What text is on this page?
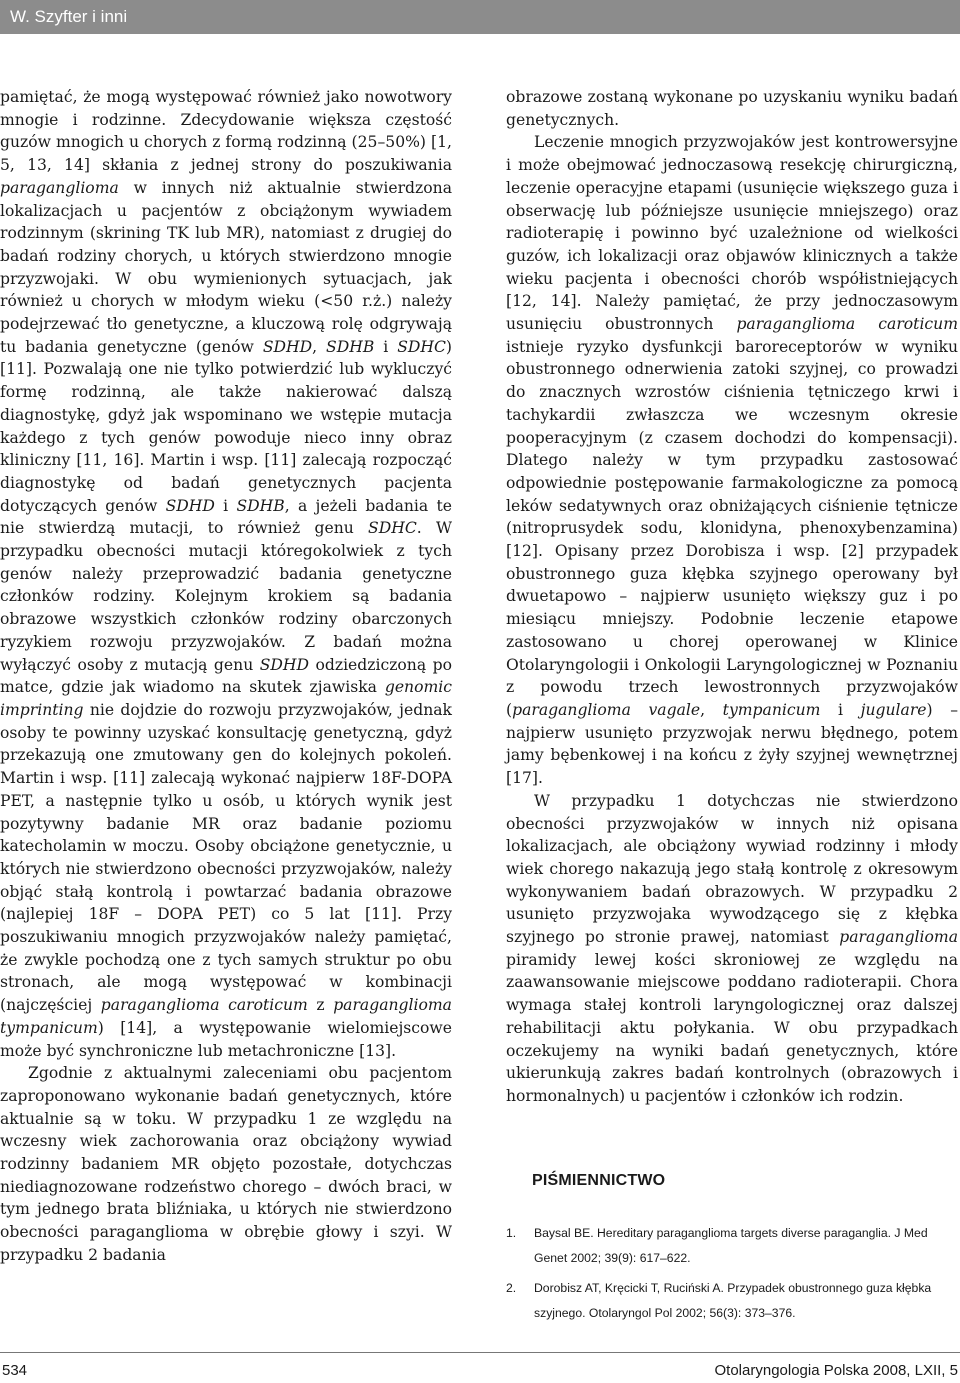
W. Szyfter i inni

pamiętać, że mogą występować również jako nowotwory mnogie i rodzinne. Zdecydowanie większa częstość guzów mnogich u chorych z formą rodzinną (25–50%) [1, 5, 13, 14] skłania z jednej strony do poszukiwania paraganglioma w innych niż aktualnie stwierdzona lokalizacjach u pacjentów z obciążonym wywiadem rodzinnym (skrining TK lub MR), natomiast z drugiej do badań rodziny chorych, u których stwierdzono mnogie przyzwojaki. W obu wymienionych sytuacjach, jak również u chorych w młodym wieku (<50 r.ż.) należy podejrzewać tło genetyczne, a kluczową rolę odgrywają tu badania genetyczne (genów SDHD, SDHB i SDHC) [11]. Pozwalają one nie tylko potwierdzić lub wykluczyć formę rodzinną, ale także nakierować dalszą diagnostykę, gdyż jak wspominano we wstępie mutacja każdego z tych genów powoduje nieco inny obraz kliniczny [11, 16]. Martin i wsp. [11] zalecają rozpocząć diagnostykę od badań genetycznych pacjenta dotyczących genów SDHD i SDHB, a jeżeli badania te nie stwierdzą mutacji, to również genu SDHC. W przypadku obecności mutacji któregokolwiek z tych genów należy przeprowadzić badania genetyczne członków rodziny. Kolejnym krokiem są badania obrazowe wszystkich członków rodziny obarczonych ryzykiem rozwoju przyzwojaków. Z badań można wyłączyć osoby z mutacją genu SDHD odziedziczoną po matce, gdzie jak wiadomo na skutek zjawiska genomic imprinting nie dojdzie do rozwoju przyzwojaków, jednak osoby te powinny uzyskać konsultację genetyczną, gdyż przekazują one zmutowany gen do kolejnych pokoleń. Martin i wsp. [11] zalecają wykonać najpierw 18F-DOPA PET, a następnie tylko u osób, u których wynik jest pozytywny badanie MR oraz badanie poziomu katecholamin w moczu. Osoby obciążone genetycznie, u których nie stwierdzono obecności przyzwojaków, należy objąć stałą kontrolą i powtarzać badania obrazowe (najlepiej 18F – DOPA PET) co 5 lat [11]. Przy poszukiwaniu mnogich przyzwojaków należy pamiętać, że zwykle pochodzą one z tych samych struktur po obu stronach, ale mogą występować w kombinacji (najczęściej paraganglioma caroticum z paraganglioma tympanicum) [14], a występowanie wielomiejscowe może być synchroniczne lub metachroniczne [13].

Zgodnie z aktualnymi zaleceniami obu pacjentom zaproponowano wykonanie badań genetycznych, które aktualnie są w toku. W przypadku 1 ze względu na wczesny wiek zachorowania oraz obciążony wywiad rodzinny badaniem MR objęto pozostałe, dotychczas niediagnozowane rodzeństwo chorego – dwóch braci, w tym jednego brata bliźniaka, u których nie stwierdzono obecności paraganglioma w obrębie głowy i szyi. W przypadku 2 badania

obrazowe zostaną wykonane po uzyskaniu wyniku badań genetycznych.

Leczenie mnogich przyzwojaków jest kontrowersyjne i może obejmować jednoczasową resekcję chirurgiczną, leczenie operacyjne etapami (usunięcie większego guza i obserwację lub późniejsze usunięcie mniejszego) oraz radioterapię i powinno być uzależnione od wielkości guzów, ich lokalizacji oraz objawów klinicznych a także wieku pacjenta i obecności chorób współistniejących [12, 14]. Należy pamiętać, że przy jednoczasowym usunięciu obustronnych paraganglioma caroticum istnieje ryzyko dysfunkcji baroreceptorów w wyniku obustronnego odnerwienia zatoki szyjnej, co prowadzi do znacznych wzrostów ciśnienia tętniczego krwi i tachykardii zwłaszcza we wczesnym okresie pooperacyjnym (z czasem dochodzi do kompensacji). Dlatego należy w tym przypadku zastosować odpowiednie postępowanie farmakologiczne za pomocą leków sedatywnych oraz obniżających ciśnienie tętnicze (nitroprusydek sodu, klonidyna, phenoxybenzamina) [12]. Opisany przez Dorobisza i wsp. [2] przypadek obustronnego guza kłębka szyjnego operowany był dwuetapowo – najpierw usunięto większy guz i po miesiącu mniejszy. Podobnie leczenie etapowe zastosowano u chorej operowanej w Klinice Otolaryngologii i Onkologii Laryngologicznej w Poznaniu z powodu trzech lewostronnych przyzwojaków (paraganglioma vagale, tympanicum i jugulare) – najpierw usunięto przyzwojak nerwu błędnego, potem jamy bębenkowej i na końcu z żyły szyjnej wewnętrznej [17].

W przypadku 1 dotychczas nie stwierdzono obecności przyzwojaków w innych niż opisana lokalizacjach, ale obciążony wywiad rodzinny i młody wiek chorego nakazują jego stałą kontrolę z okresowym wykonywaniem badań obrazowych. W przypadku 2 usunięto przyzwojaka wywodzącego się z kłębka szyjnego po stronie prawej, natomiast paraganglioma piramidy lewej kości skroniowej ze względu na zaawansowanie miejscowe poddano radioterapii. Chora wymaga stałej kontroli laryngologicznej oraz dalszej rehabilitacji aktu połykania. W obu przypadkach oczekujemy na wyniki badań genetycznych, które ukierunkują zakres badań kontrolnych (obrazowych i hormonalnych) u pacjentów i członków ich rodzin.

PIŚMIENNICTWO
1. Baysal BE. Hereditary paraganglioma targets diverse paraganglia. J Med Genet 2002; 39(9): 617–622.
2. Dorobisz AT, Kręcicki T, Ruciński A. Przypadek obustronnego guza kłębka szyjnego. Otolaryngol Pol 2002; 56(3): 373–376.
534	Otolaryngologia Polska 2008, LXII, 5
